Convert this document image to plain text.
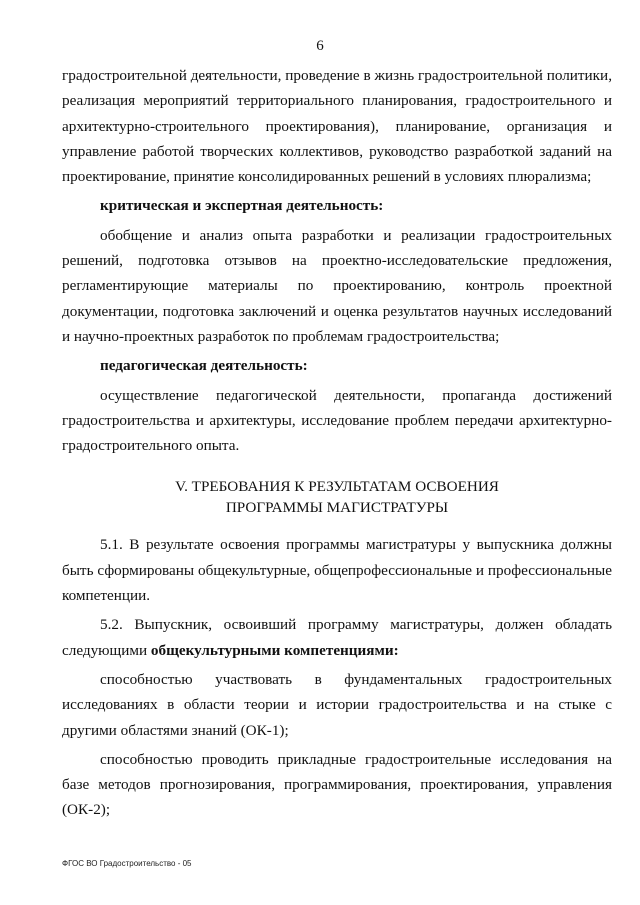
6

градостроительной деятельности, проведение в жизнь градостроительной политики, реализация мероприятий территориального планирования, градостроительного и архитектурно-строительного проектирования), планирование, организация и управление работой творческих коллективов, руководство разработкой заданий на проектирование, принятие консолидированных решений в условиях плюрализма;

критическая и экспертная деятельность:

обобщение и анализ опыта разработки и реализации градостроительных решений, подготовка отзывов на проектно-исследовательские предложения, регламентирующие материалы по проектированию, контроль проектной документации, подготовка заключений и оценка результатов научных исследований и научно-проектных разработок по проблемам градостроительства;

педагогическая деятельность:

осуществление педагогической деятельности, пропаганда достижений градостроительства и архитектуры, исследование проблем передачи архитектурно-градостроительного опыта.

V. ТРЕБОВАНИЯ К РЕЗУЛЬТАТАМ ОСВОЕНИЯ
ПРОГРАММЫ МАГИСТРАТУРЫ

5.1. В результате освоения программы магистратуры у выпускника должны быть сформированы общекультурные, общепрофессиональные и профессиональные компетенции.

5.2. Выпускник, освоивший программу магистратуры, должен обладать следующими общекультурными компетенциями:

способностью участвовать в фундаментальных градостроительных исследованиях в области теории и истории градостроительства и на стыке с другими областями знаний (ОК-1);

способностью проводить прикладные градостроительные исследования на базе методов прогнозирования, программирования, проектирования, управления (ОК-2);

ФГОС ВО Градостроительство - 05
